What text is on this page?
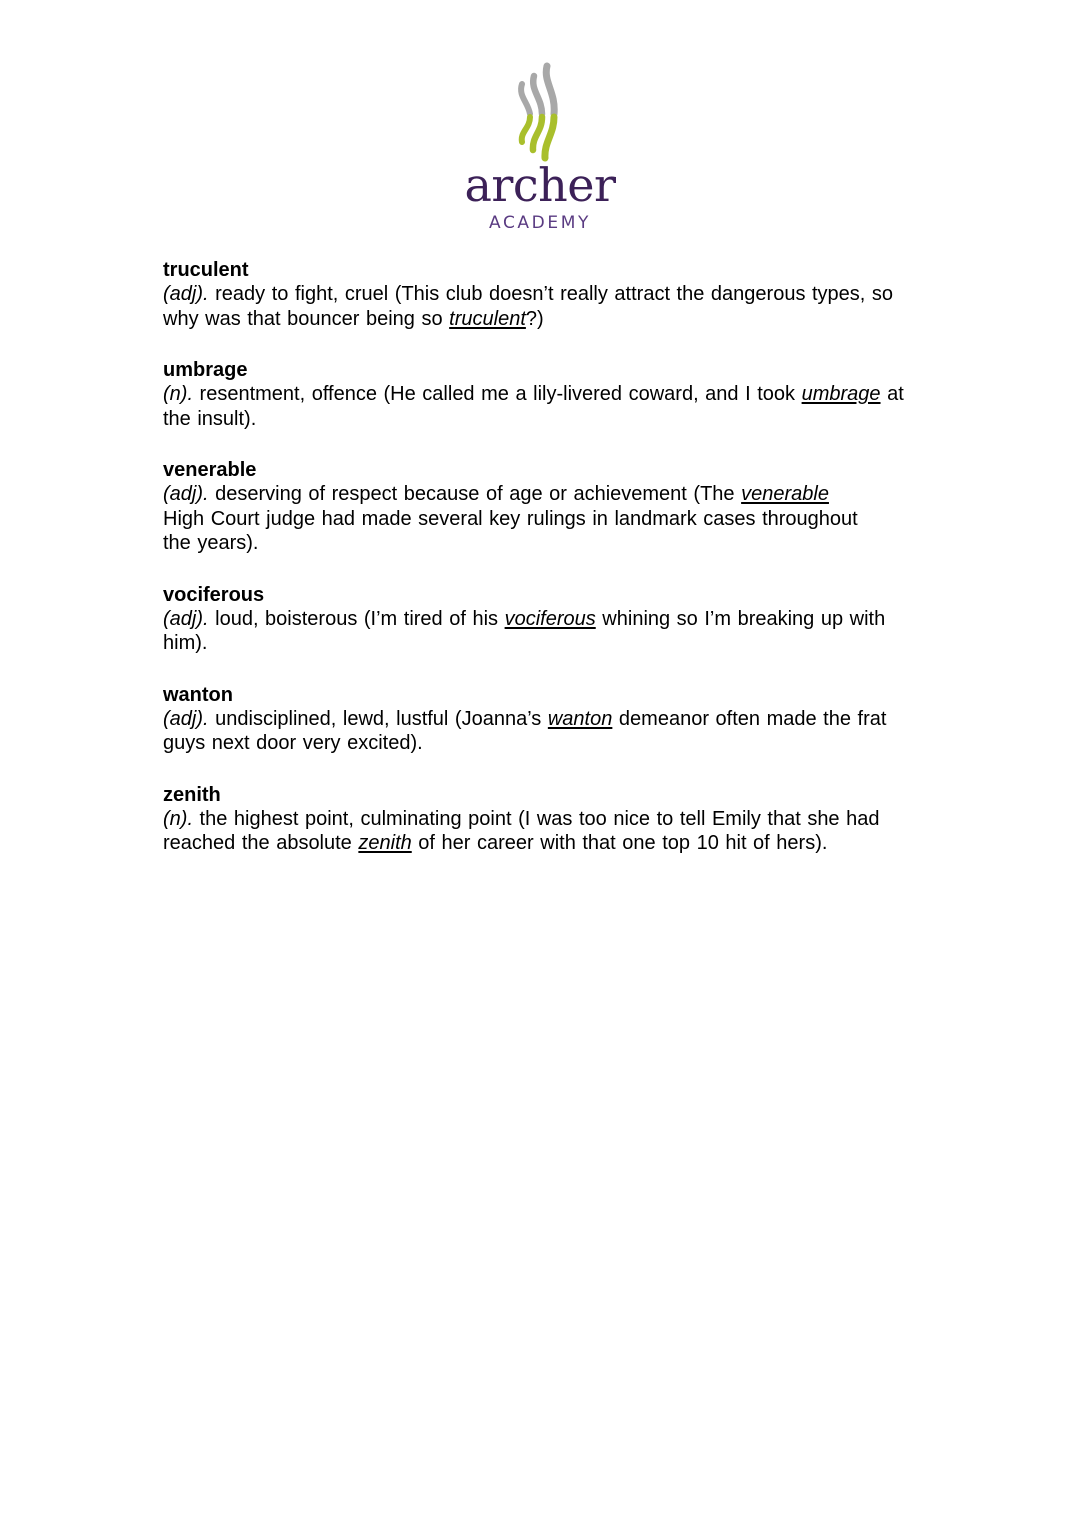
archer
ACADEMY
truculent
(adj). ready to fight, cruel (This club doesn’t really attract the dangerous types, so why was that bouncer being so truculent?)
umbrage
(n). resentment, offence (He called me a lily-livered coward, and I took umbrage at the insult).
venerable
(adj). deserving of respect because of age or achievement (The venerable High Court judge had made several key rulings in landmark cases throughout the years).
vociferous
(adj). loud, boisterous (I’m tired of his vociferous whining so I’m breaking up with him).
wanton
(adj). undisciplined, lewd, lustful (Joanna’s wanton demeanor often made the frat guys next door very excited).
zenith
(n). the highest point, culminating point (I was too nice to tell Emily that she had reached the absolute zenith of her career with that one top 10 hit of hers).
